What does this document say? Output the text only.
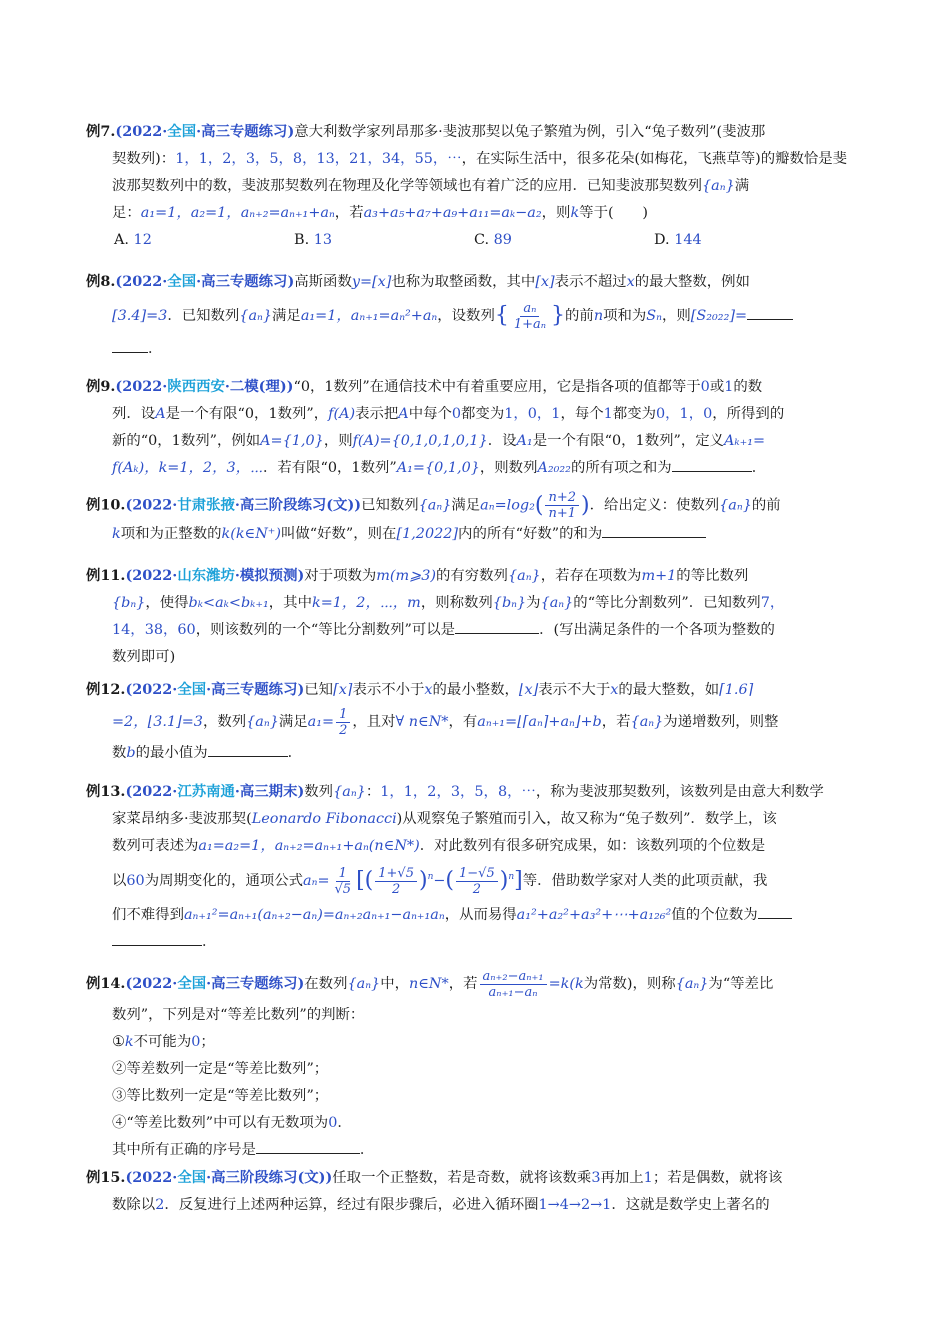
例7.(2022·全国·高三专题练习)意大利数学家列昂那多·斐波那契以兔子繁殖为例，引入“兔子数列”(斐波那
契数列)：1，1，2，3，5，8，13，21，34，55，⋯，在实际生活中，很多花朵(如梅花，飞燕草等)的瓣数恰是斐
波那契数列中的数，斐波那契数列在物理及化学等领域也有着广泛的应用．已知斐波那契数列{aₙ}满
足：a₁=1，a₂=1，aₙ₊₂=aₙ₊₁+aₙ，若a₃+a₅+a₇+a₉+a₁₁=aₖ−a₂，则k等于(　　)
A. 12	B. 13	C. 89	D. 144
例8.(2022·全国·高三专题练习)高斯函数y=[x]也称为取整函数，其中[x]表示不超过x的最大整数，例如
[3.4]=3．已知数列{aₙ}满足a₁=1，aₙ₊₁=aₙ²+aₙ，设数列{ $\frac{\text{aₙ}}{\text{1+aₙ}}$ }的前n项和为Sₙ，则[S₂₀₂₂]=
．
例9.(2022·陕西西安·二模(理))“0，1数列”在通信技术中有着重要应用，它是指各项的值都等于0或1的数
列．设A是一个有限“0，1数列”，f(A)表示把A中每个0都变为1，0，1，每个1都变为0，1，0，所得到的
新的“0，1数列”，例如A={1,0}，则f(A)={0,1,0,1,0,1}．设A₁是一个有限“0，1数列”，定义Aₖ₊₁=
f(Aₖ)，k=1，2，3，⋯．若有限“0，1数列”A₁={0,1,0}，则数列A₂₀₂₂的所有项之和为	．
例10.(2022·甘肃张掖·高三阶段练习(文))已知数列{aₙ}满足$a_n=\log_2( \frac{n+2}{n+1}$ )．给出定义：使数列{aₙ}的前
k项和为正整数的k(k∈N⁺)叫做“好数”，则在[1,2022]内的所有“好数”的和为
例11.(2022·山东潍坊·模拟预测)对于项数为m(m⩾3)的有穷数列{aₙ}，若存在项数为m+1的等比数列
{bₙ}，使得bₖ<aₖ<bₖ₊₁，其中k=1，2，⋯，m，则称数列{bₙ}为{aₙ}的“等比分割数列”．已知数列7，
14，38，60，则该数列的一个“等比分割数列”可以是	．(写出满足条件的一个各项为整数的
数列即可)
例12.(2022·全国·高三专题练习)已知⌈x⌉表示不小于x的最小整数，⌊x⌋表示不大于x的最大整数，如⌈1.6⌉
=2，⌊3.1⌋=3，数列{aₙ}满足$a_1= \frac{1}{2}$ ，且对∀ n∈N*，有aₙ₊₁=⌊⌈aₙ⌉+aₙ⌋+b，若{aₙ}为递增数列，则整
数b的最小值为	．
例13.(2022·江苏南通·高三期末)数列{aₙ}：1，1，2，3，5，8，⋯，称为斐波那契数列，该数列是由意大利数学
家菜昂纳多·斐波那契(Leonardo Fibonacci)从观察兔子繁殖而引入，故又称为“兔子数列”．数学上，该
数列可表述为a₁=a₂=1，aₙ₊₂=aₙ₊₁+aₙ(n∈N*)．对此数列有很多研究成果，如：该数列项的个位数是
以60为周期变化的，通项公式$a_n= \frac{1}{√5}$ [( $\frac{1+√5}{2} )^n-( \frac{1-√5}{2} )^n$]等．借助数学家对人类的此项贡献，我
们不难得到aₙ₊₁²=aₙ₊₁(aₙ₊₂−aₙ)=aₙ₊₂aₙ₊₁−aₙ₊₁aₙ，从而易得a₁²+a₂²+a₃²+⋯+a₁₂₆²值的个位数为
．
例14.(2022·全国·高三专题练习)在数列{aₙ}中，n∈N*，若 $\frac{\text{aₙ₊₂−aₙ₊₁}}{\text{aₙ₊₁−aₙ}} =k(k$为常数)，则称{aₙ}为“等差比
数列”，下列是对“等差比数列”的判断：
①k不可能为0；
②等差数列一定是“等差比数列”；
③等比数列一定是“等差比数列”；
④“等差比数列”中可以有无数项为0．
其中所有正确的序号是	．
例15.(2022·全国·高三阶段练习(文))任取一个正整数，若是奇数，就将该数乘3再加上1；若是偶数，就将该
数除以2．反复进行上述两种运算，经过有限步骤后，必进入循环圈1→4→2→1．这就是数学史上著名的
